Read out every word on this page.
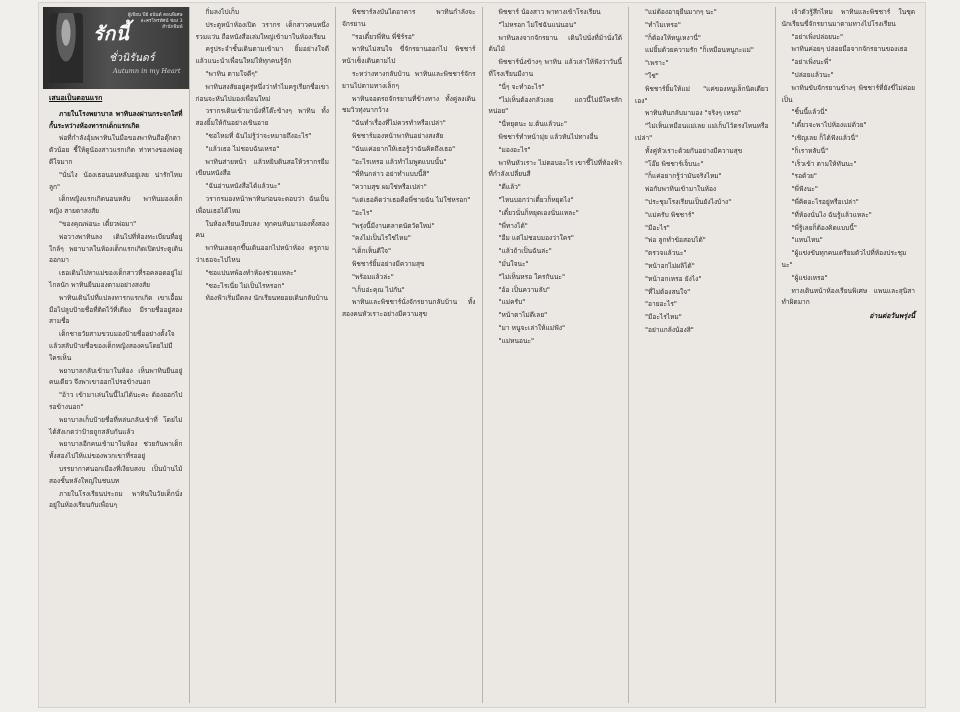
ผู้เขียน ปีย์ อนันต์ ตอนพิเศษ
ละครโทรทัศน์ ช่อง 3
สำนักพิมพ์
รักนี้
ชั่วนิรันดร์
Autumn in my Heart
เสนอเป็นตอนแรก

ภายในโรงพยาบาล พาทินลงผ่านกระจกใสที่กั้นระหว่างห้องทารกเด็กแรกเกิด

พ่อที่กำลังอุ้มพาทินในมือของพาทินถือตุ๊กตาตัวน้อย ชี้ให้ดูน้องสาวแรกเกิด ท่าทางของพ่อดูดีใจมาก

"นั่นไง น้องเธอนอนหลับอยู่เลย น่ารักไหมลูก"

เด็กหญิงแรกเกิดนอนหลับ พาทินมองเด็กหญิง สายตาสงสัย

"ของคุณพ่อนะ เดี๋ยวพ่อมา"

พ่อวางพาทินลง เดินไปที่ห้องทะเบียนที่อยู่ใกล้ๆ พยาบาลในห้องเด็กแรกเกิดเปิดประตูเดินออกมา

เธอเดินไปหาแม่ของเด็กสาวที่รอคลอดอยู่ไม่ไกลนัก พาทินยืนมองตามอย่างสงสัย

พาทินเดินไปที่แปลงทารกแรกเกิด เขาเอื้อมมือไปลูบป้ายชื่อที่ติดไว้ที่เตียง มีรายชื่ออยู่สองสามชื่อ

เด็กชายวัยสามขวบมองป้ายชื่ออย่างตั้งใจ แล้วสลับป้ายชื่อของเด็กหญิงสองคนโดยไม่มีใครเห็น

พยาบาลกลับเข้ามาในห้อง เห็นพาทินยืนอยู่คนเดียว จึงพาเขาออกไปรอข้างนอก

"อ้าว เข้ามาเล่นในนี้ไม่ได้นะคะ ต้องออกไปรอข้างนอก"

พยาบาลเก็บป้ายชื่อที่หล่นกลับเข้าที่ โดยไม่ได้สังเกตว่าป้ายถูกสลับกันแล้ว

พยาบาลอีกคนเข้ามาในห้อง ช่วยกันพาเด็กทั้งสองไปให้แม่ของพวกเขาที่รออยู่

บรรยากาศนอกเมืองที่เงียบสงบ เป็นบ้านไม้สองชั้นหลังใหญ่ในชนบท

ภายในโรงเรียนประถม พาทินในวัยเด็กนั่งอยู่ในห้องเรียนกับเพื่อนๆ

กิ่มลงไปเก็บ

ประตูหน้าห้องเปิด วรากร เด็กสาวคนหนึ่งรวมแว่น ถือหนังสือเล่มใหญ่เข้ามาในห้องเรียน

ครูประจำชั้นเดินตามเข้ามา ยิ้มอย่างใจดี แล้วแนะนำเพื่อนใหม่ให้ทุกคนรู้จัก

"พาทิน ตามใจดีๆ"

พาทินสงสัยอยู่ครู่หนึ่งว่าทำไมครูเรียกชื่อเขา ก่อนจะหันไปมองเพื่อนใหม่

วรากรเดินเข้ามานั่งที่โต๊ะข้างๆ พาทิน ทั้งสองยิ้มให้กันอย่างเขินอาย

"ซอไหมที่ ฉันไม่รู้ว่าจะหมายถึงอะไร"

"แล้วเธอ ไม่ชอบฉันเหรอ"

พาทินส่ายหน้า แล้วหยิบดินสอให้วรากรยืมเขียนหนังสือ

"ฉันอ่านหนังสือได้แล้วนะ"

วรากรมองหน้าพาทินก่อนจะตอบว่า ฉันเป็นเพื่อนเธอได้ไหม

ในห้องเรียนเงียบลง ทุกคนหันมามองทั้งสองคน

พาทินเลยลุกขึ้นเดินออกไปหน้าห้อง ครูถามว่าเธอจะไปไหน

"ซอแปนทพ้องทำห้องช่วยแหละ"

"ซอะไรเนี่ย ไม่เป็นไรหรอก"

ท้องฟ้าเริ่มมืดลง นักเรียนทยอยเดินกลับบ้าน

พิชชาร์ลงบันไดอาคาร พาทินกำลังจะจักรยาน

"รอเดี๋ยวพี่ทิน พี่ชิร์รอ"

พาทินไม่สนใจ ขี่จักรยานออกไป พิชชาร์หน้าเซ็งเดินตามไป

ระหว่างทางกลับบ้าน พาทินและพิชชาร์จักรยานไปตามทางเล็กๆ

พาทินจอดรถจักรยานที่ข้างทาง ทั้งคู่ลงเดินชมวิวทุ่งนากว้าง

"ฉันทำเรื่องที่ไม่ควรทำหรือเปล่า"

พิชชาร์มองหน้าพาทินอย่างสงสัย

"ฉันแค่อยากให้เธอรู้ว่าฉันคิดถึงเธอ"

"อะไรเหรอ แล้วทำไมพูดแบบนั้น"

"พี่ทินกล่าว อย่าทำแบบนี้สิ"

"ความสุข ผมใช่หรือเปล่า"

"แต่เธอคิดว่าเธอคือพี่ชายฉัน ไม่ใช่หรอก"

"อะไร"

"พรุ่งนี้มีงานตลาดนัดวัดใหม่"

"คงไม่เป็นไรใช่ไหม"

"เด็กเห็นดีใจ"

พิชชาร์ยิ้มอย่างมีความสุข

"พร้อมแล้วล่ะ"

"เก็บอ่ะคุณ ไปกัน"

พาทินและพิชชาร์นั่งจักรยานกลับบ้าน ทั้งสองคนหัวเราะอย่างมีความสุข

พิชชาร์ น้องสาว พาทางเข้าโรงเรียน

"ไม่หรอก ไม่ใช่ฉันแน่นอน"

พาทินลงจากจักรยาน เดินไปนั่งที่ม้านั่งใต้ต้นไม้

พิชชาร์นั่งข้างๆ พาทิน แล้วเล่าให้ฟังว่าวันนี้ที่โรงเรียนมีงาน

"นี่ๆ จะทำอะไร"

"ไม่เห็นต้องกลัวเลย แถวนี้ไม่มีใครสักหน่อย"

"นี่หยุดนะ ม.ต้นแล้วนะ"

พิชชาร์ทำหน้ามุ่ย แล้วหันไปทางอื่น

"มองอะไร"

พาทินหัวเราะ ไม่ตอบอะไร เขาชี้ไปที่ท้องฟ้าที่กำลังเปลี่ยนสี

"ดีแล้ว"

"ไหนบอกว่าเดี๋ยวก็หยุดไง"

"เดี๋ยวนั่นก็หยุดเองนั่นแหละ"

"พี่ทางได้"

"อืม แต่ไม่ชอบมองว่าใคร"

"แล้วถ้าเป็นฉันล่ะ"

"มั่นใจนะ"

"ไม่เห็นหรอ ใครกันนะ"

"อ้อ เป็นความลับ"

"แม่ครับ"

"หน้าตาไม่ดีเลย"

"มา หนูจะเล่าให้แม่ฟัง"

"แม่หนอนะ"

"แม่ต้องอายุยืนมากๆ นะ"

"ทำไมเหรอ"

"ก็ต้องให้หนูเหงานี่"

แม่ยิ้มด้วยความรัก "ก็เหมือนหนูกะแม่"

"เพราะ"

"ใช่"

พิชชาร์ยิ้มให้แม่ "แค่ของหนูเล็กนิดเดียวเอง"

พาทินหันกลับมามอง "จริงๆ เหรอ"

"ไม่เห็นเหมือนแม่เลย แม่เก็บไว้ตรงไหนหรือเปล่า"

ทั้งคู่หัวเราะด้วยกันอย่างมีความสุข

"โอ๊ย พิชชาร์เจ็บนะ"

"ก็แค่อยากรู้ว่ามันจริงไหม"

พ่อกับพาทินเข้ามาในห้อง

"ประชุมโรงเรียนเป็นยังไงบ้าง"

"แม่ครับ พิชชาร์"

"มีอะไร"

"พ่อ ลูกทำข้อสอบได้"

"ตรวจแล้วนะ"

"หน้าอกไม่ผลิได้"

"หน้าอกเหรอ ยังไง"

"ที่ไม่ต้องสนใจ"

"อายอะไร"

"มีอะไรไหม"

"อย่าแกล้งน้องสิ"

เจ้าตัวรู้สึกไหม พาทินและพิชชาร์ ในชุดนักเรียนขี่จักรยานมาตามทางไปโรงเรียน

"อย่าเพิ่งปล่อยนะ"

พาทินค่อยๆ ปล่อยมือจากจักรยานของเธอ

"อย่าเพิ่งนะพี่"

"ปล่อยแล้วนะ"

พาทินขับจักรยานข้างๆ พิชชาร์ที่ยังขี่ไม่ค่อยเป็น

"ชิ้นนี้แล้วนี่"

"เดี๋ยวจะพาไปห้องแม่ด้วย"

"เชิญเลย ก็ได้ฟังแล้วนี่"

"ก็เราหลับนี่"

"เร็วเข้า ตามให้ทันนะ"

"รอด้วย"

"พี่ฟังนะ"

"พี่คิดอะไรอยู่หรือเปล่า"

"ที่ห้องนั่นไง ฉันรู้แล้วแหละ"

"พี่รู้เลยก็ต้องคิดแบบนี้"

"แหนไหน"

"ผู้แข่งขันทุกคนเตรียมตัวไปที่ห้องประชุมนะ"

"ผู้แข่งเหรอ"

ทางเดินหน้าห้องเรียนพิเศษ แพนและสุนิสาทำผิดมาก

อ่านต่อวันพรุ่งนี้
